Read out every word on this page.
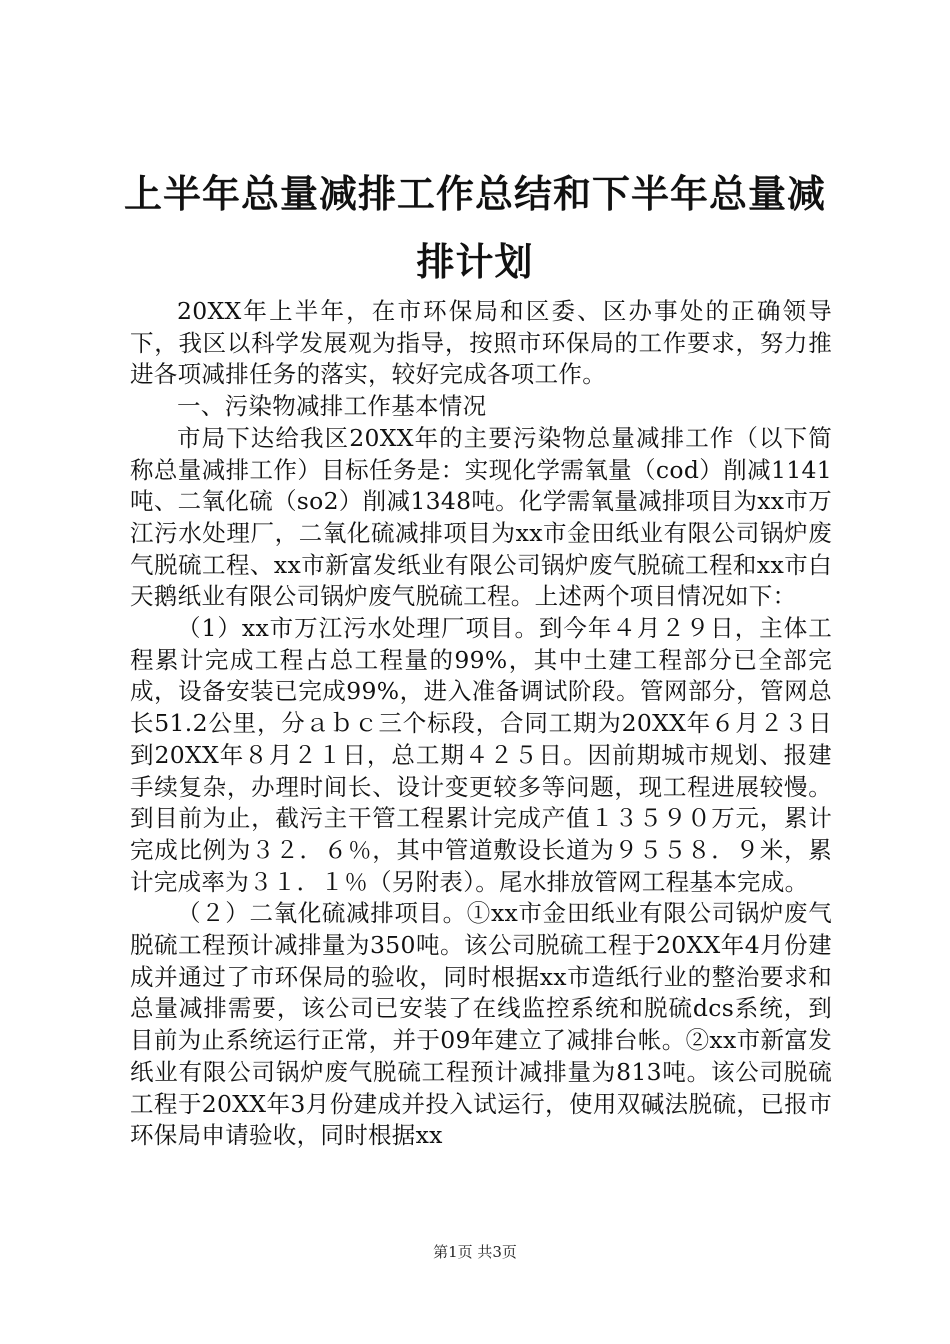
上半年总量减排工作总结和下半年总量减排计划

20XX年上半年，在市环保局和区委、区办事处的正确领导下，我区以科学发展观为指导，按照市环保局的工作要求，努力推进各项减排任务的落实，较好完成各项工作。

一、污染物减排工作基本情况

市局下达给我区20XX年的主要污染物总量减排工作（以下简称总量减排工作）目标任务是：实现化学需氧量（cod）削减1141吨、二氧化硫（so2）削减1348吨。化学需氧量减排项目为xx市万江污水处理厂，二氧化硫减排项目为xx市金田纸业有限公司锅炉废气脱硫工程、xx市新富发纸业有限公司锅炉废气脱硫工程和xx市白天鹅纸业有限公司锅炉废气脱硫工程。上述两个项目情况如下：

（1）xx市万江污水处理厂项目。到今年４月２９日，主体工程累计完成工程占总工程量的99%，其中土建工程部分已全部完成，设备安装已完成99%，进入准备调试阶段。管网部分，管网总长51.2公里，分ａｂｃ三个标段，合同工期为20XX年６月２３日到20XX年８月２１日，总工期４２５日。因前期城市规划、报建手续复杂，办理时间长、设计变更较多等问题，现工程进展较慢。到目前为止，截污主干管工程累计完成产值１３５９０万元，累计完成比例为３２．６％，其中管道敷设长道为９５５８．９米，累计完成率为３１．１％（另附表）。尾水排放管网工程基本完成。

（２）二氧化硫减排项目。①xx市金田纸业有限公司锅炉废气脱硫工程预计减排量为350吨。该公司脱硫工程于20XX年4月份建成并通过了市环保局的验收，同时根据xx市造纸行业的整治要求和总量减排需要，该公司已安装了在线监控系统和脱硫dcs系统，到目前为止系统运行正常，并于09年建立了减排台帐。②xx市新富发纸业有限公司锅炉废气脱硫工程预计减排量为813吨。该公司脱硫工程于20XX年3月份建成并投入试运行，使用双碱法脱硫，已报市环保局申请验收，同时根据xx

第1页 共3页
